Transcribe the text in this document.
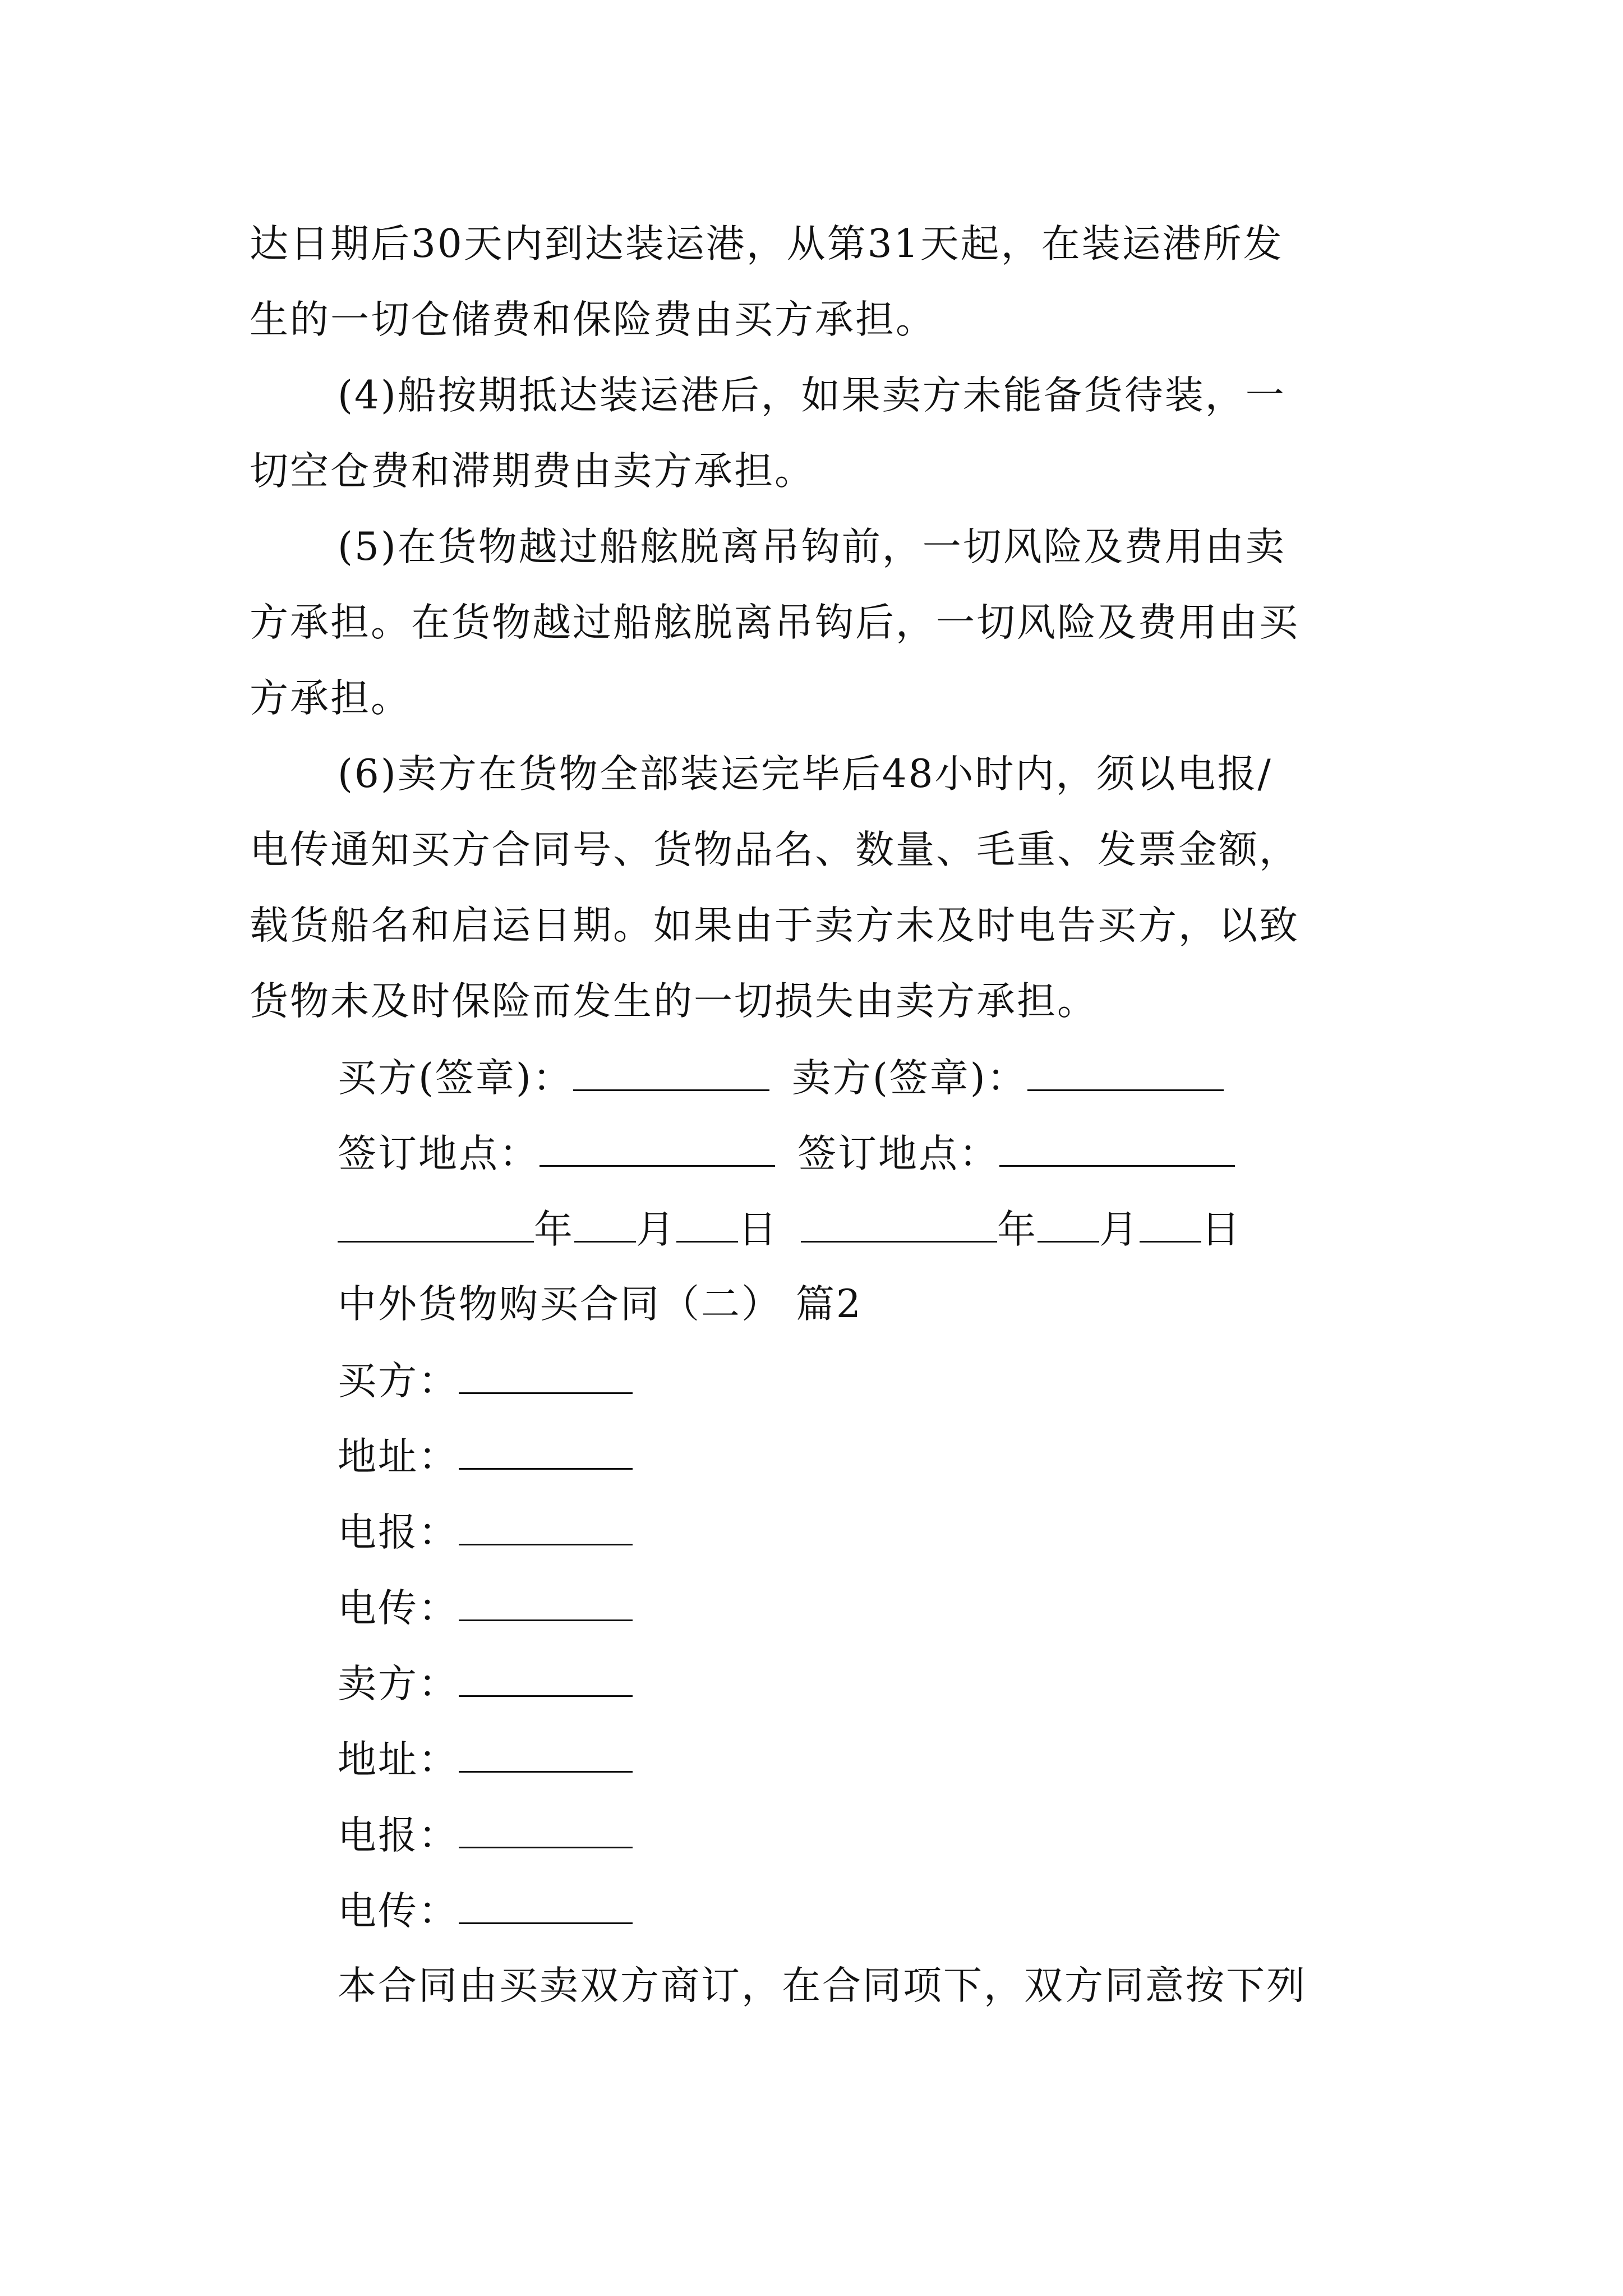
达日期后30天内到达装运港，从第31天起，在装运港所发
生的一切仓储费和保险费由买方承担。
(4)船按期抵达装运港后，如果卖方未能备货待装，一
切空仓费和滞期费由卖方承担。
(5)在货物越过船舷脱离吊钩前，一切风险及费用由卖
方承担。在货物越过船舷脱离吊钩后，一切风险及费用由买
方承担。
(6)卖方在货物全部装运完毕后48小时内，须以电报/
电传通知买方合同号、货物品名、数量、毛重、发票金额，
载货船名和启运日期。如果由于卖方未及时电告买方，以致
货物未及时保险而发生的一切损失由卖方承担。
买方(签章)：	卖方(签章)：
签订地点：	签订地点：
年 月 日	年 月 日
中外货物购买合同（二） 篇2
买方：
地址：
电报：
电传：
卖方：
地址：
电报：
电传：
本合同由买卖双方商订，在合同项下，双方同意按下列
